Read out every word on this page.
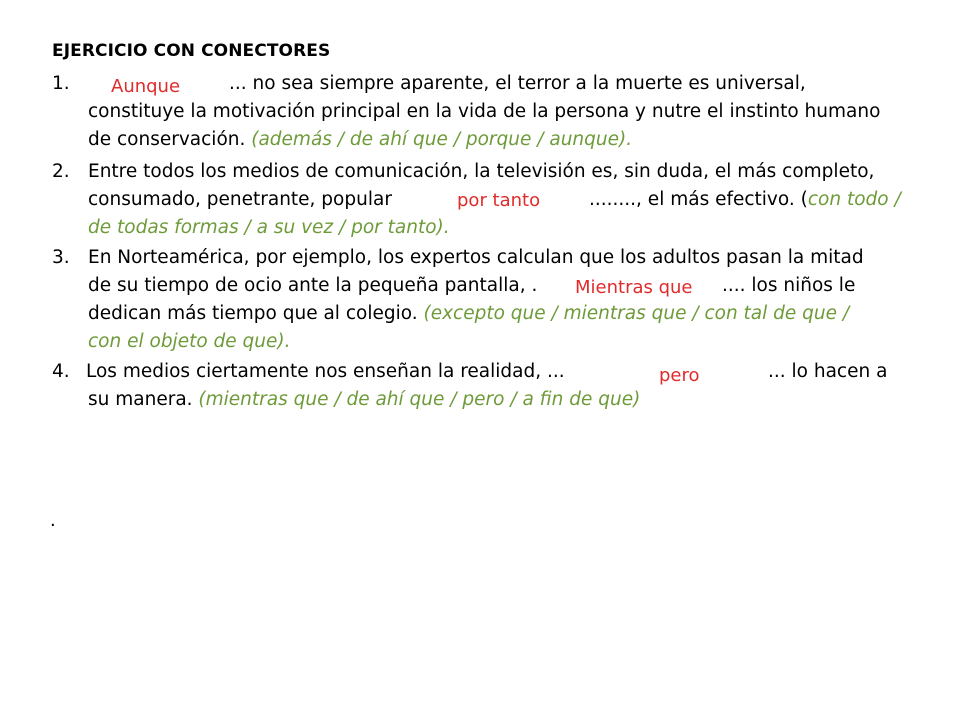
EJERCICIO CON CONECTORES
1. Aunque	... no sea siempre aparente, el terror a la muerte es universal,
constituye la motivación principal en la vida de la persona y nutre el instinto humano
de conservación. (además / de ahí que / porque / aunque).
2. Entre todos los medios de comunicación, la televisión es, sin duda, el más completo,
consumado, penetrante, popular	por tanto	........, el más efectivo. (con todo /
de todas formas / a su vez / por tanto).
3. En Norteamérica, por ejemplo, los expertos calculan que los adultos pasan la mitad
de su tiempo de ocio ante la pequeña pantalla, . Mientras que .... los niños le
dedican más tiempo que al colegio. (excepto que / mientras que / con tal de que /
con el objeto de que).
4. Los medios ciertamente nos enseñan la realidad, ...	pero	... lo hacen a
su manera. (mientras que / de ahí que / pero / a fin de que)
.
